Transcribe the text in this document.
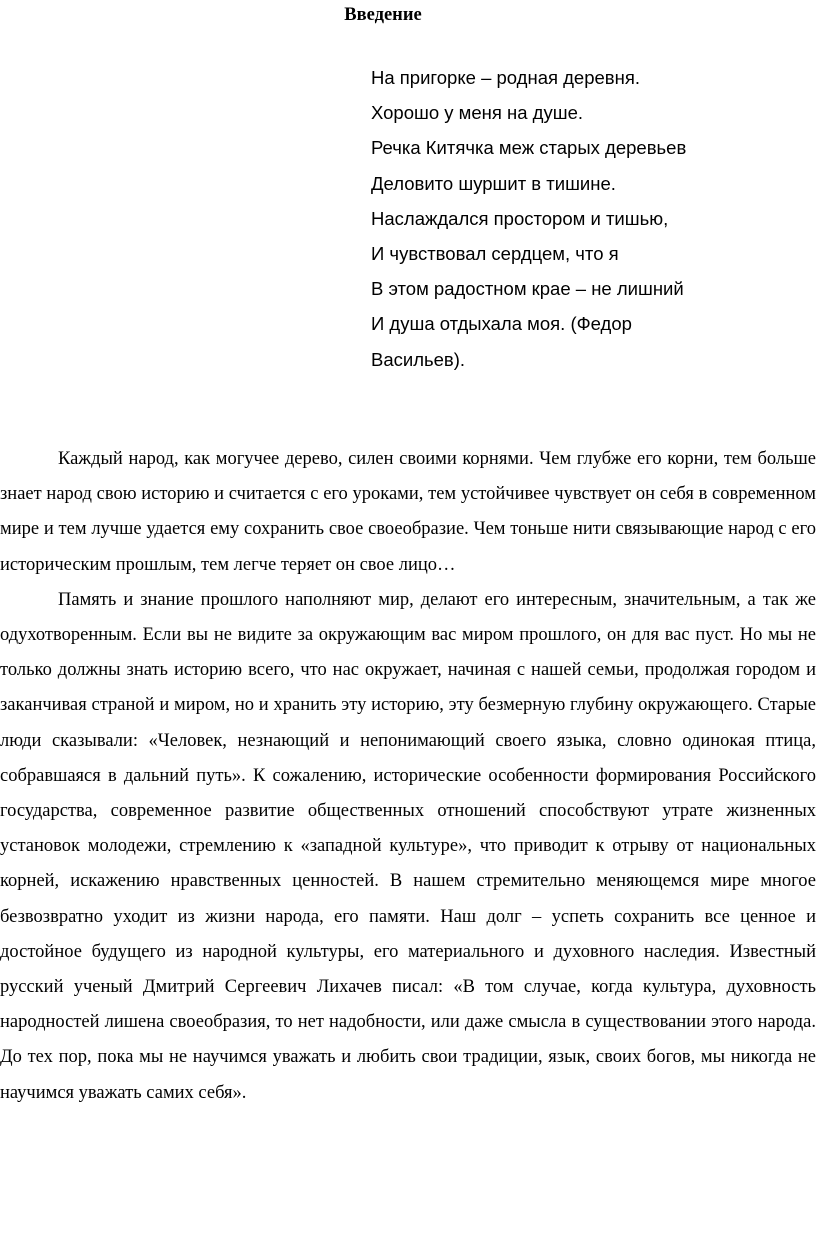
Введение
На пригорке – родная деревня.
Хорошо у меня на душе.
Речка Китячка меж старых деревьев
Деловито шуршит в тишине.
Наслаждался простором и тишью,
И чувствовал сердцем, что я
В этом радостном крае – не лишний
И душа отдыхала моя. (Федор
Васильев).

Каждый народ, как могучее дерево, силен своими корнями. Чем глубже его корни, тем больше знает народ свою историю и считается с его уроками, тем устойчивее чувствует он себя в современном мире и тем лучше удается ему сохранить свое своеобразие. Чем тоньше нити связывающие народ с его историческим прошлым, тем легче теряет он свое лицо…

Память и знание прошлого наполняют мир, делают его интересным, значительным, а так же одухотворенным. Если вы не видите за окружающим вас миром прошлого, он для вас пуст. Но мы не только должны знать историю всего, что нас окружает, начиная с нашей семьи, продолжая городом и заканчивая страной и миром, но и хранить эту историю, эту безмерную глубину окружающего. Старые люди сказывали: «Человек, незнающий и непонимающий своего языка, словно одинокая птица, собравшаяся в дальний путь». К сожалению, исторические особенности формирования Российского государства, современное развитие общественных отношений способствуют утрате жизненных установок молодежи, стремлению к «западной культуре», что приводит к отрыву от национальных корней, искажению нравственных ценностей. В нашем стремительно меняющемся мире многое безвозвратно уходит из жизни народа, его памяти. Наш долг – успеть сохранить все ценное и достойное будущего из народной культуры, его материального и духовного наследия. Известный русский ученый Дмитрий Сергеевич Лихачев писал: «В том случае, когда культура, духовность народностей лишена своеобразия, то нет надобности, или даже смысла в существовании этого народа. До тех пор, пока мы не научимся уважать и любить свои традиции, язык, своих богов, мы никогда не научимся уважать самих себя».
